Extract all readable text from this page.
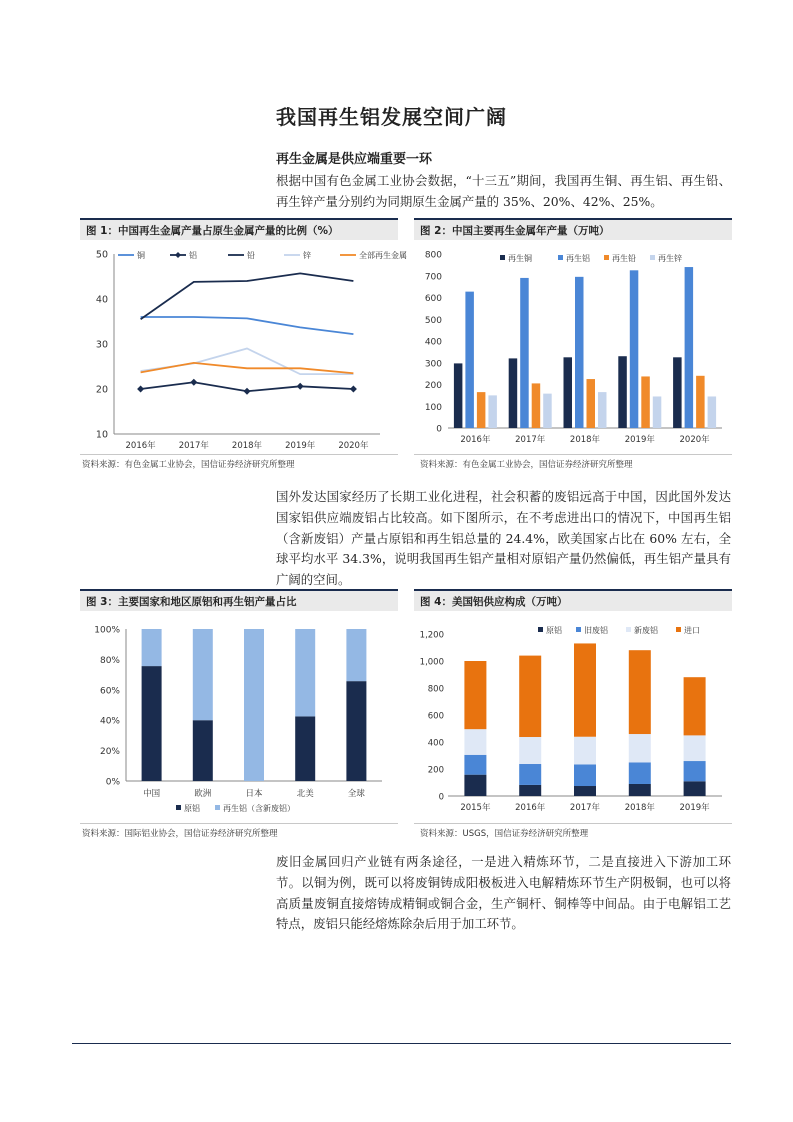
我国再生铝发展空间广阔
再生金属是供应端重要一环
根据中国有色金属工业协会数据，“十三五”期间，我国再生铜、再生铝、再生铅、再生锌产量分别约为同期原生金属产量的 35%、20%、42%、25%。
图 1：中国再生金属产量占原生金属产量的比例（%）
10
20
30
40
50
2016年	2017年	2018年	2019年	2020年
铜	铝	铅	锌	全部再生金属
资料来源：有色金属工业协会，国信证券经济研究所整理
图 2：中国主要再生金属年产量（万吨）
0
100
200
300
400
500
600
700
800
2016年	2017年	2018年	2019年	2020年
再生铜	再生铝	再生铅	再生锌
资料来源：有色金属工业协会，国信证券经济研究所整理
国外发达国家经历了长期工业化进程，社会积蓄的废铝远高于中国，因此国外发达国家铝供应端废铝占比较高。如下图所示，在不考虑进出口的情况下，中国再生铝（含新废铝）产量占原铝和再生铝总量的 24.4%，欧美国家占比在 60% 左右，全球平均水平 34.3%，说明我国再生铝产量相对原铝产量仍然偏低，再生铝产量具有广阔的空间。
图 3：主要国家和地区原铝和再生铝产量占比
0%
20%
40%
60%
80%
100%
中国	欧洲	日本	北美	全球
原铝	再生铝（含新废铝）
资料来源：国际铝业协会，国信证券经济研究所整理
图 4：美国铝供应构成（万吨）
0
200
400
600
800
1,000
1,200
2015年	2016年	2017年	2018年	2019年
原铝	旧废铝	新废铝	进口
资料来源：USGS，国信证券经济研究所整理
废旧金属回归产业链有两条途径，一是进入精炼环节，二是直接进入下游加工环节。以铜为例，既可以将废铜铸成阳极板进入电解精炼环节生产阴极铜，也可以将高质量废铜直接熔铸成精铜或铜合金，生产铜杆、铜棒等中间品。由于电解铝工艺特点，废铝只能经熔炼除杂后用于加工环节。
